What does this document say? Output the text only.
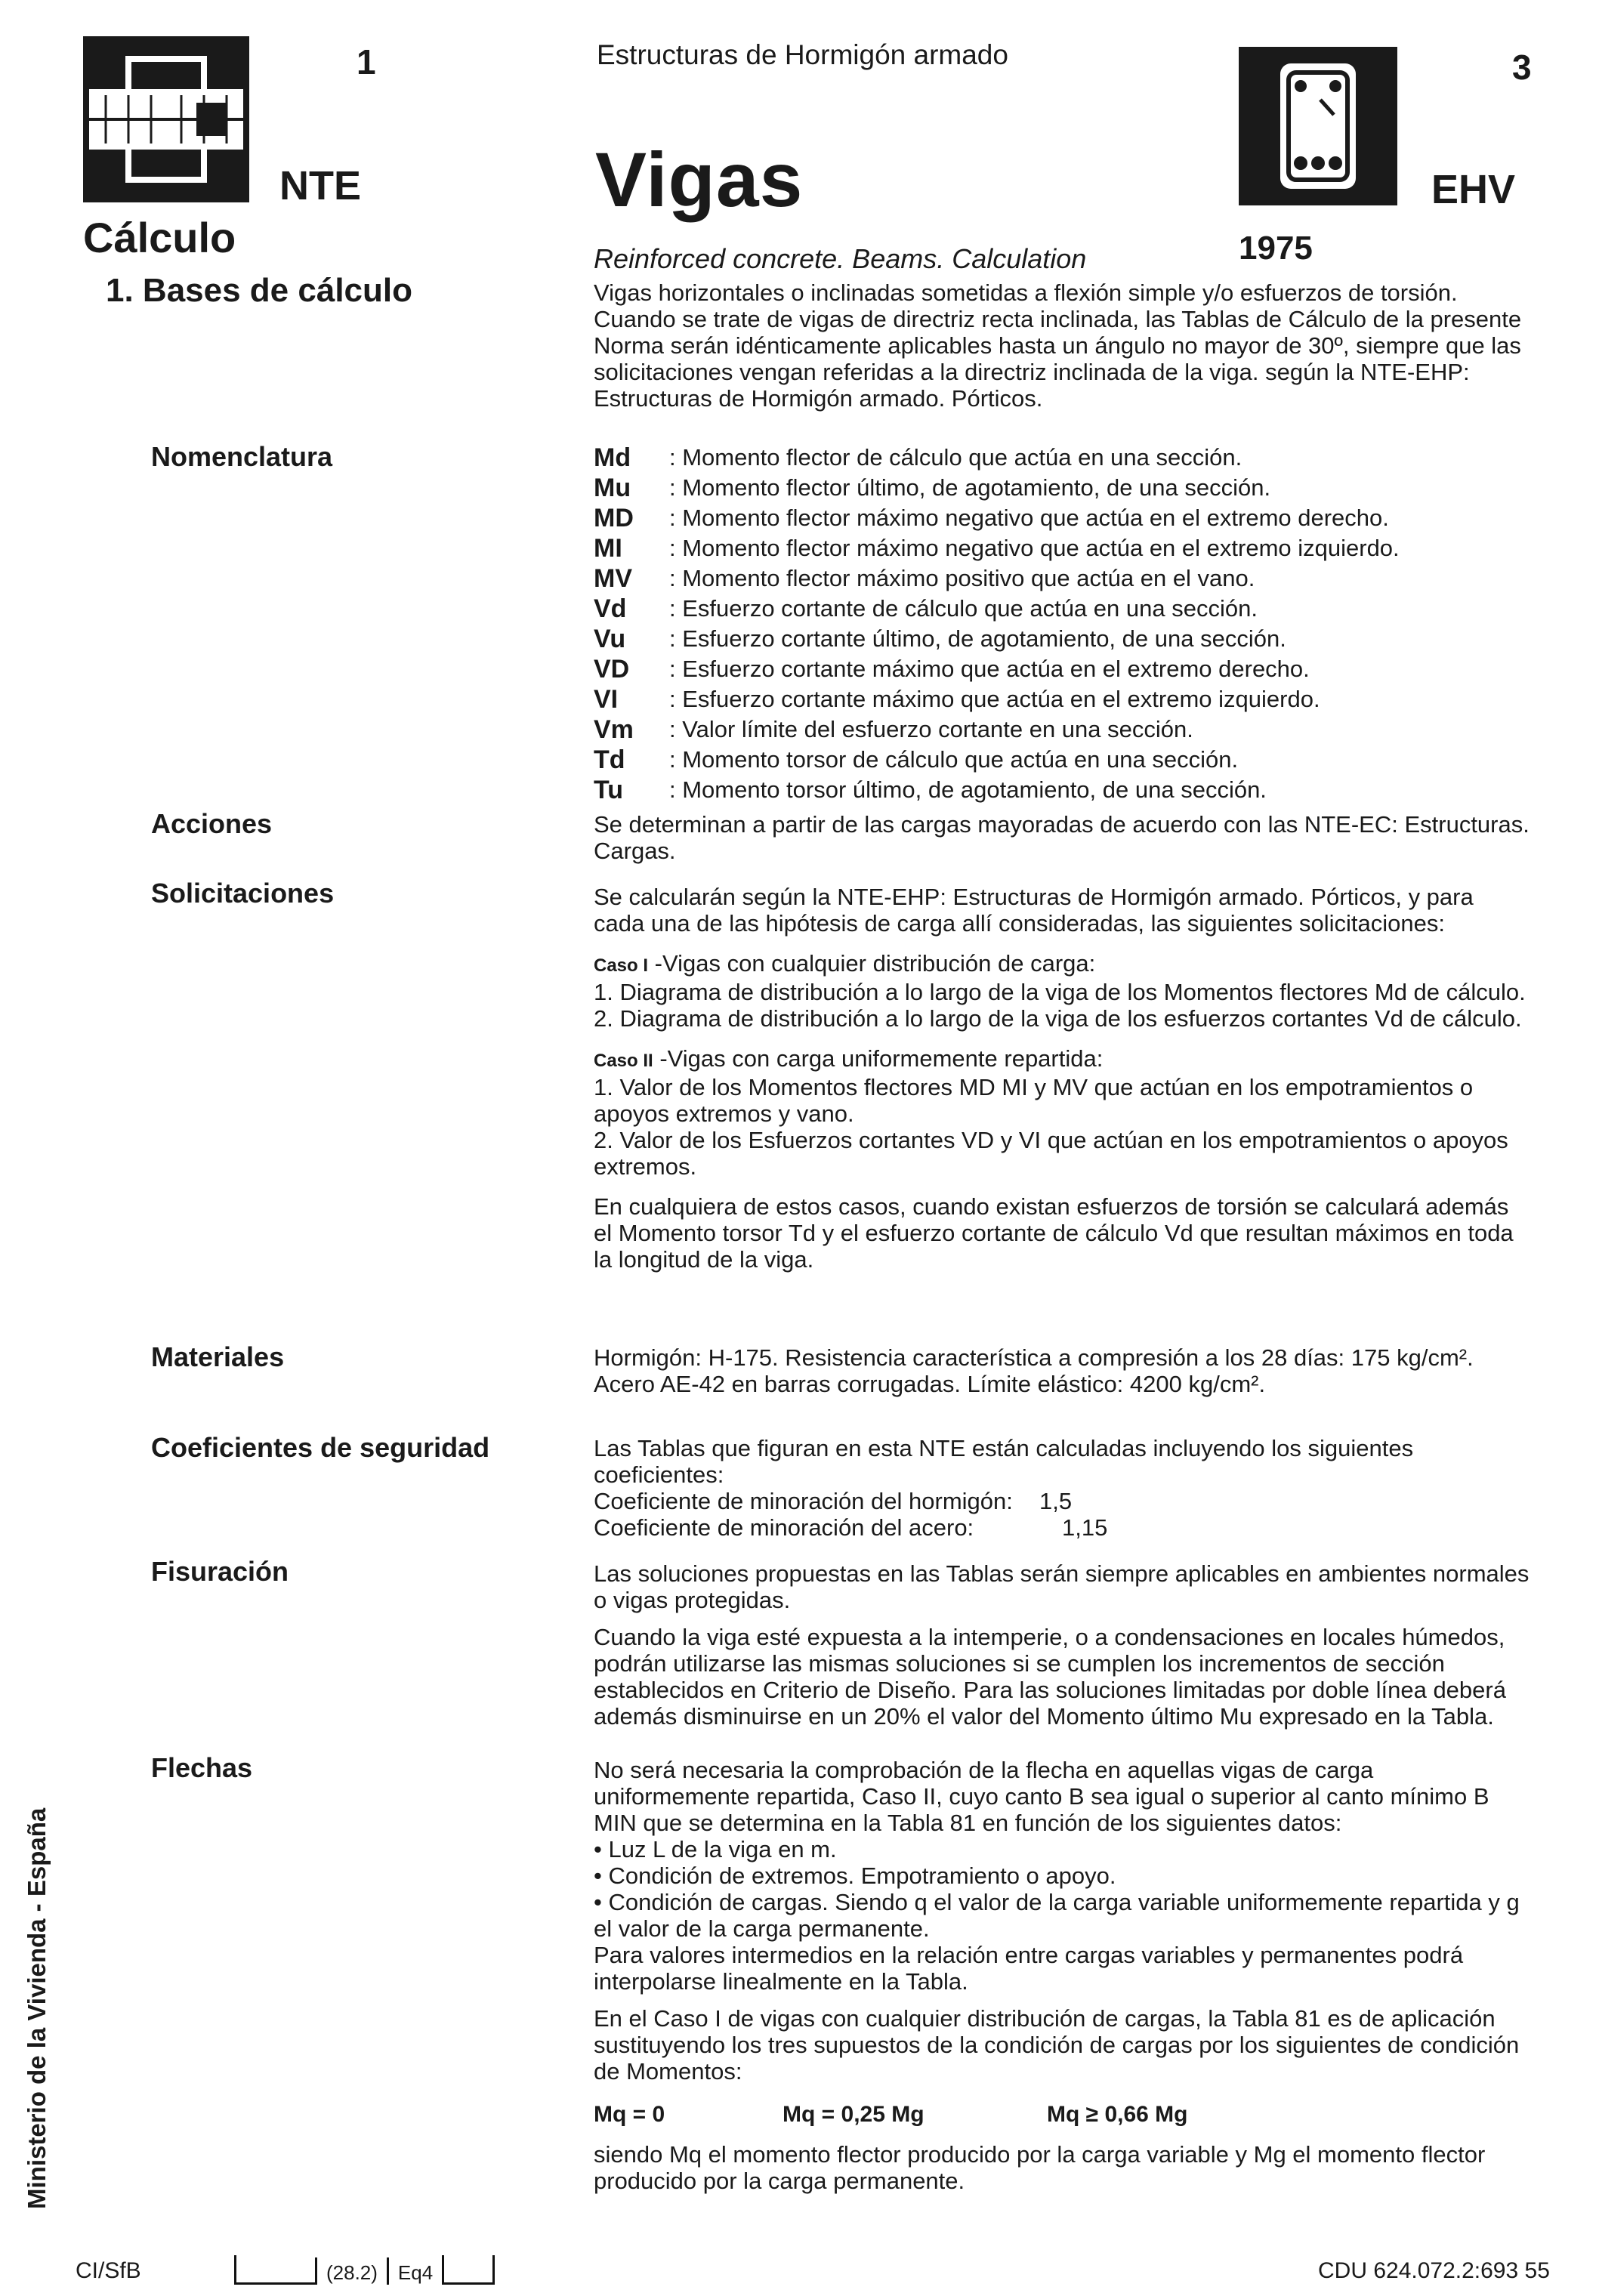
1	Estructuras de Hormigón armado	3
NTE	Vigas	EHV
Cálculo	Reinforced concrete. Beams. Calculation	1975
1. Bases de cálculo	Vigas horizontales o inclinadas sometidas a flexión simple y/o esfuerzos de torsión.

Cuando se trate de vigas de directriz recta inclinada, las Tablas de Cálculo de la presente Norma serán idénticamente aplicables hasta un ángulo no mayor de 30º, siempre que las solicitaciones vengan referidas a la directriz inclinada de la viga. según la NTE-EHP: Estructuras de Hormigón armado. Pórticos.

Nomenclatura	Md	: Momento flector de cálculo que actúa en una sección.
Mu	: Momento flector último, de agotamiento, de una sección.
MD	: Momento flector máximo negativo que actúa en el extremo derecho.
MI	: Momento flector máximo negativo que actúa en el extremo izquierdo.
MV	: Momento flector máximo positivo que actúa en el vano.
Vd	: Esfuerzo cortante de cálculo que actúa en una sección.
Vu	: Esfuerzo cortante último, de agotamiento, de una sección.
VD	: Esfuerzo cortante máximo que actúa en el extremo derecho.
VI	: Esfuerzo cortante máximo que actúa en el extremo izquierdo.
Vm	: Valor límite del esfuerzo cortante en una sección.
Td	: Momento torsor de cálculo que actúa en una sección.
Tu	: Momento torsor último, de agotamiento, de una sección.
Acciones	Se determinan a partir de las cargas mayoradas de acuerdo con las NTE-EC: Estructuras. Cargas.
Solicitaciones	Se calcularán según la NTE-EHP: Estructuras de Hormigón armado. Pórticos, y para cada una de las hipótesis de carga allí consideradas, las siguientes solicitaciones:

Caso I -Vigas con cualquier distribución de carga:

1. Diagrama de distribución a lo largo de la viga de los Momentos flectores Md de cálculo.

2. Diagrama de distribución a lo largo de la viga de los esfuerzos cortantes Vd de cálculo.

Caso II -Vigas con carga uniformemente repartida:

1. Valor de los Momentos flectores MD MI y MV que actúan en los empotramientos o apoyos extremos y vano.

2. Valor de los Esfuerzos cortantes VD y VI que actúan en los empotramientos o apoyos extremos.

En cualquiera de estos casos, cuando existan esfuerzos de torsión se calculará además el Momento torsor Td y el esfuerzo cortante de cálculo Vd que resultan máximos en toda la longitud de la viga.

Materiales	Hormigón: H-175. Resistencia característica a compresión a los 28 días: 175 kg/cm².

Acero AE-42 en barras corrugadas. Límite elástico: 4200 kg/cm².

Coeficientes de seguridad	Las Tablas que figuran en esta NTE están calculadas incluyendo los siguientes coeficientes:

Coeficiente de minoración del hormigón: 1,5

Coeficiente de minoración del acero:	1,15

Fisuración	Las soluciones propuestas en las Tablas serán siempre aplicables en ambientes normales o vigas protegidas.

Cuando la viga esté expuesta a la intemperie, o a condensaciones en locales húmedos, podrán utilizarse las mismas soluciones si se cumplen los incrementos de sección establecidos en Criterio de Diseño. Para las soluciones limitadas por doble línea deberá además disminuirse en un 20% el valor del Momento último Mu expresado en la Tabla.

Flechas	No será necesaria la comprobación de la flecha en aquellas vigas de carga uniformemente repartida, Caso II, cuyo canto B sea igual o superior al canto mínimo B MIN que se determina en la Tabla 81 en función de los siguientes datos:

• Luz L de la viga en m.

• Condición de extremos. Empotramiento o apoyo.

• Condición de cargas. Siendo q el valor de la carga variable uniformemente repartida y g el valor de la carga permanente.

Para valores intermedios en la relación entre cargas variables y permanentes podrá interpolarse linealmente en la Tabla.

En el Caso I de vigas con cualquier distribución de cargas, la Tabla 81 es de aplicación sustituyendo los tres supuestos de la condición de cargas por los siguientes de condición de Momentos:

Mq = 0	Mq = 0,25 Mg	Mq ≥ 0,66 Mg

siendo Mq el momento flector producido por la carga variable y Mg el momento flector producido por la carga permanente.

Ministerio de la Vivienda - España
CI/SfB	(28.2) Eq4	CDU 624.072.2:693 55
